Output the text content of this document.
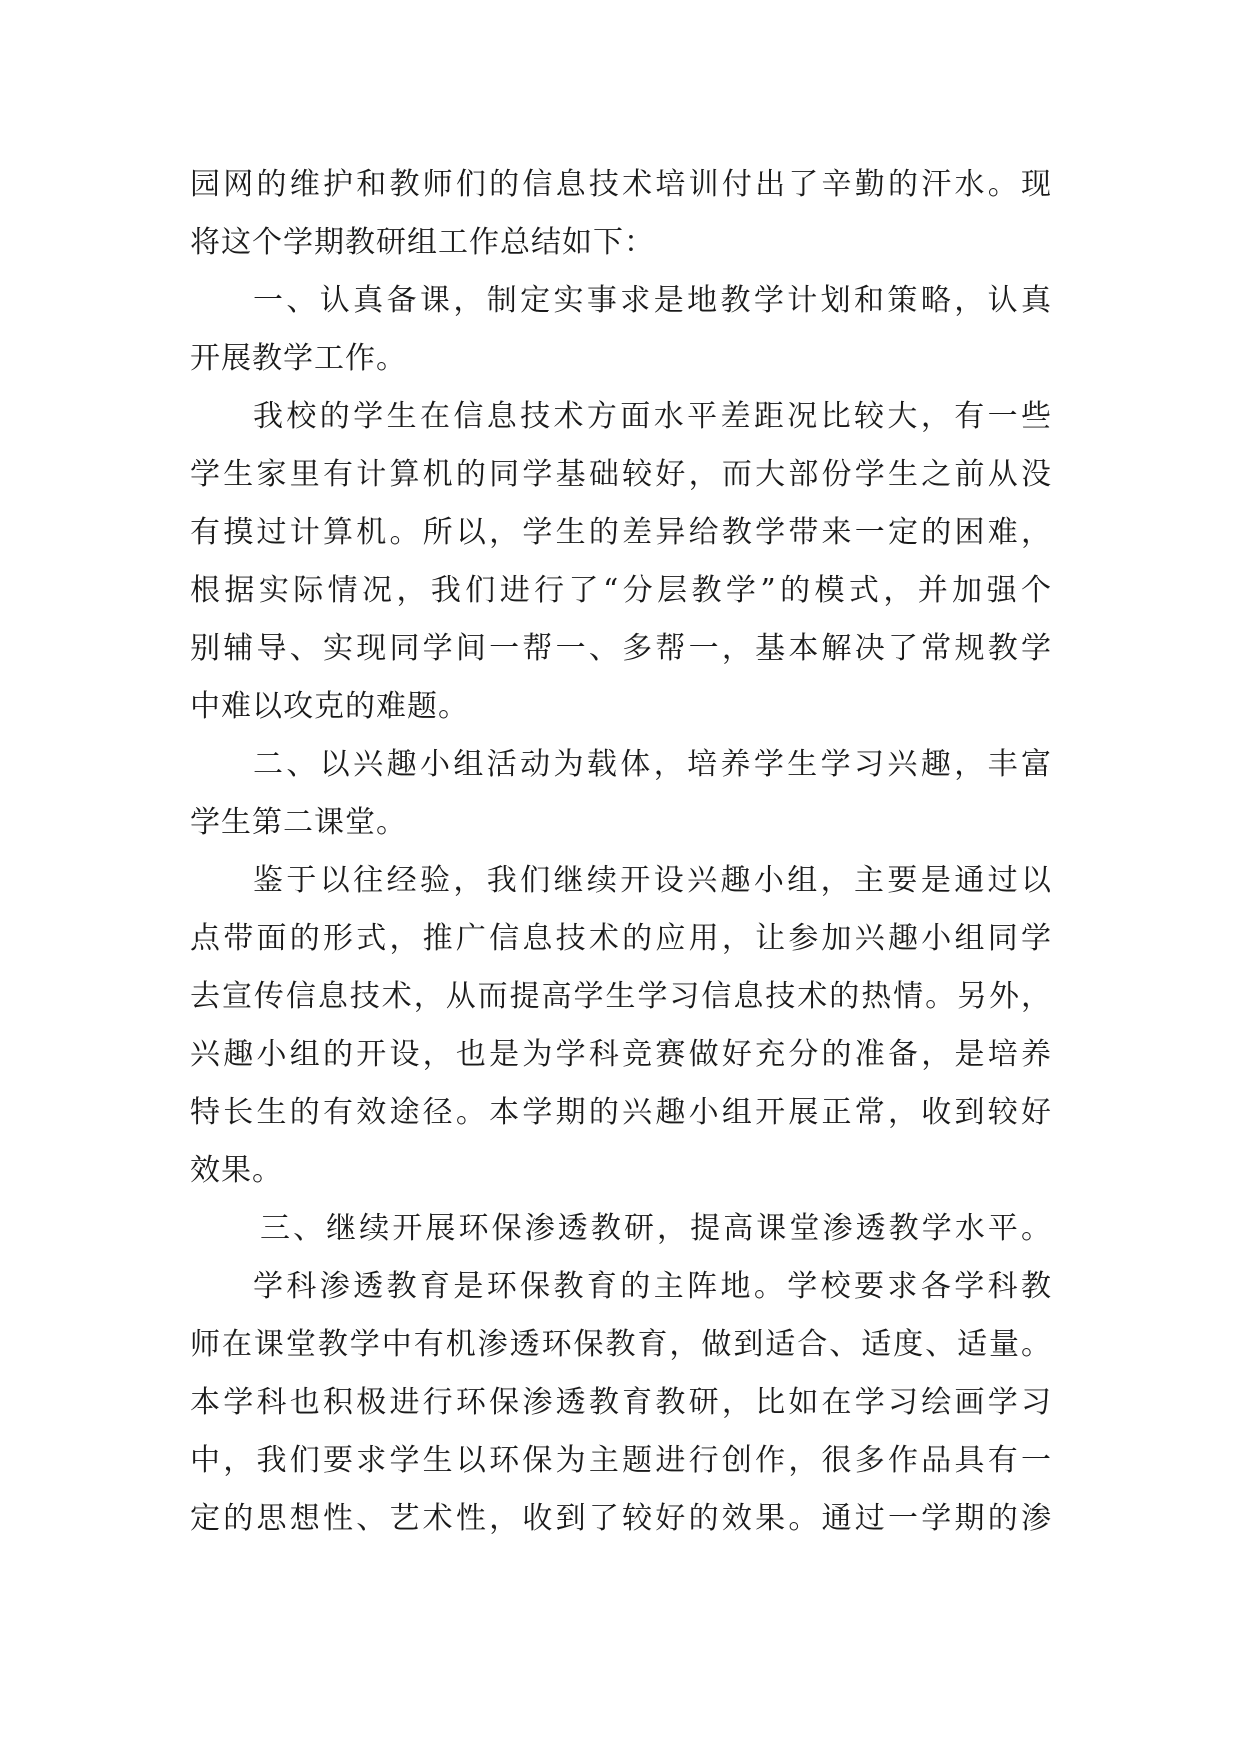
园网的维护和教师们的信息技术培训付出了辛勤的汗水。现
将这个学期教研组工作总结如下：
一、认真备课，制定实事求是地教学计划和策略，认真
开展教学工作。
我校的学生在信息技术方面水平差距况比较大，有一些
学生家里有计算机的同学基础较好，而大部份学生之前从没
有摸过计算机。所以，学生的差异给教学带来一定的困难，
根据实际情况，我们进行了“分层教学”的模式，并加强个
别辅导、实现同学间一帮一、多帮一，基本解决了常规教学
中难以攻克的难题。
二、以兴趣小组活动为载体，培养学生学习兴趣，丰富
学生第二课堂。
鉴于以往经验，我们继续开设兴趣小组，主要是通过以
点带面的形式，推广信息技术的应用，让参加兴趣小组同学
去宣传信息技术，从而提高学生学习信息技术的热情。另外，
兴趣小组的开设，也是为学科竞赛做好充分的准备，是培养
特长生的有效途径。本学期的兴趣小组开展正常，收到较好
效果。
三、继续开展环保渗透教研，提高课堂渗透教学水平。
学科渗透教育是环保教育的主阵地。学校要求各学科教
师在课堂教学中有机渗透环保教育，做到适合、适度、适量。
本学科也积极进行环保渗透教育教研，比如在学习绘画学习
中，我们要求学生以环保为主题进行创作，很多作品具有一
定的思想性、艺术性，收到了较好的效果。通过一学期的渗
